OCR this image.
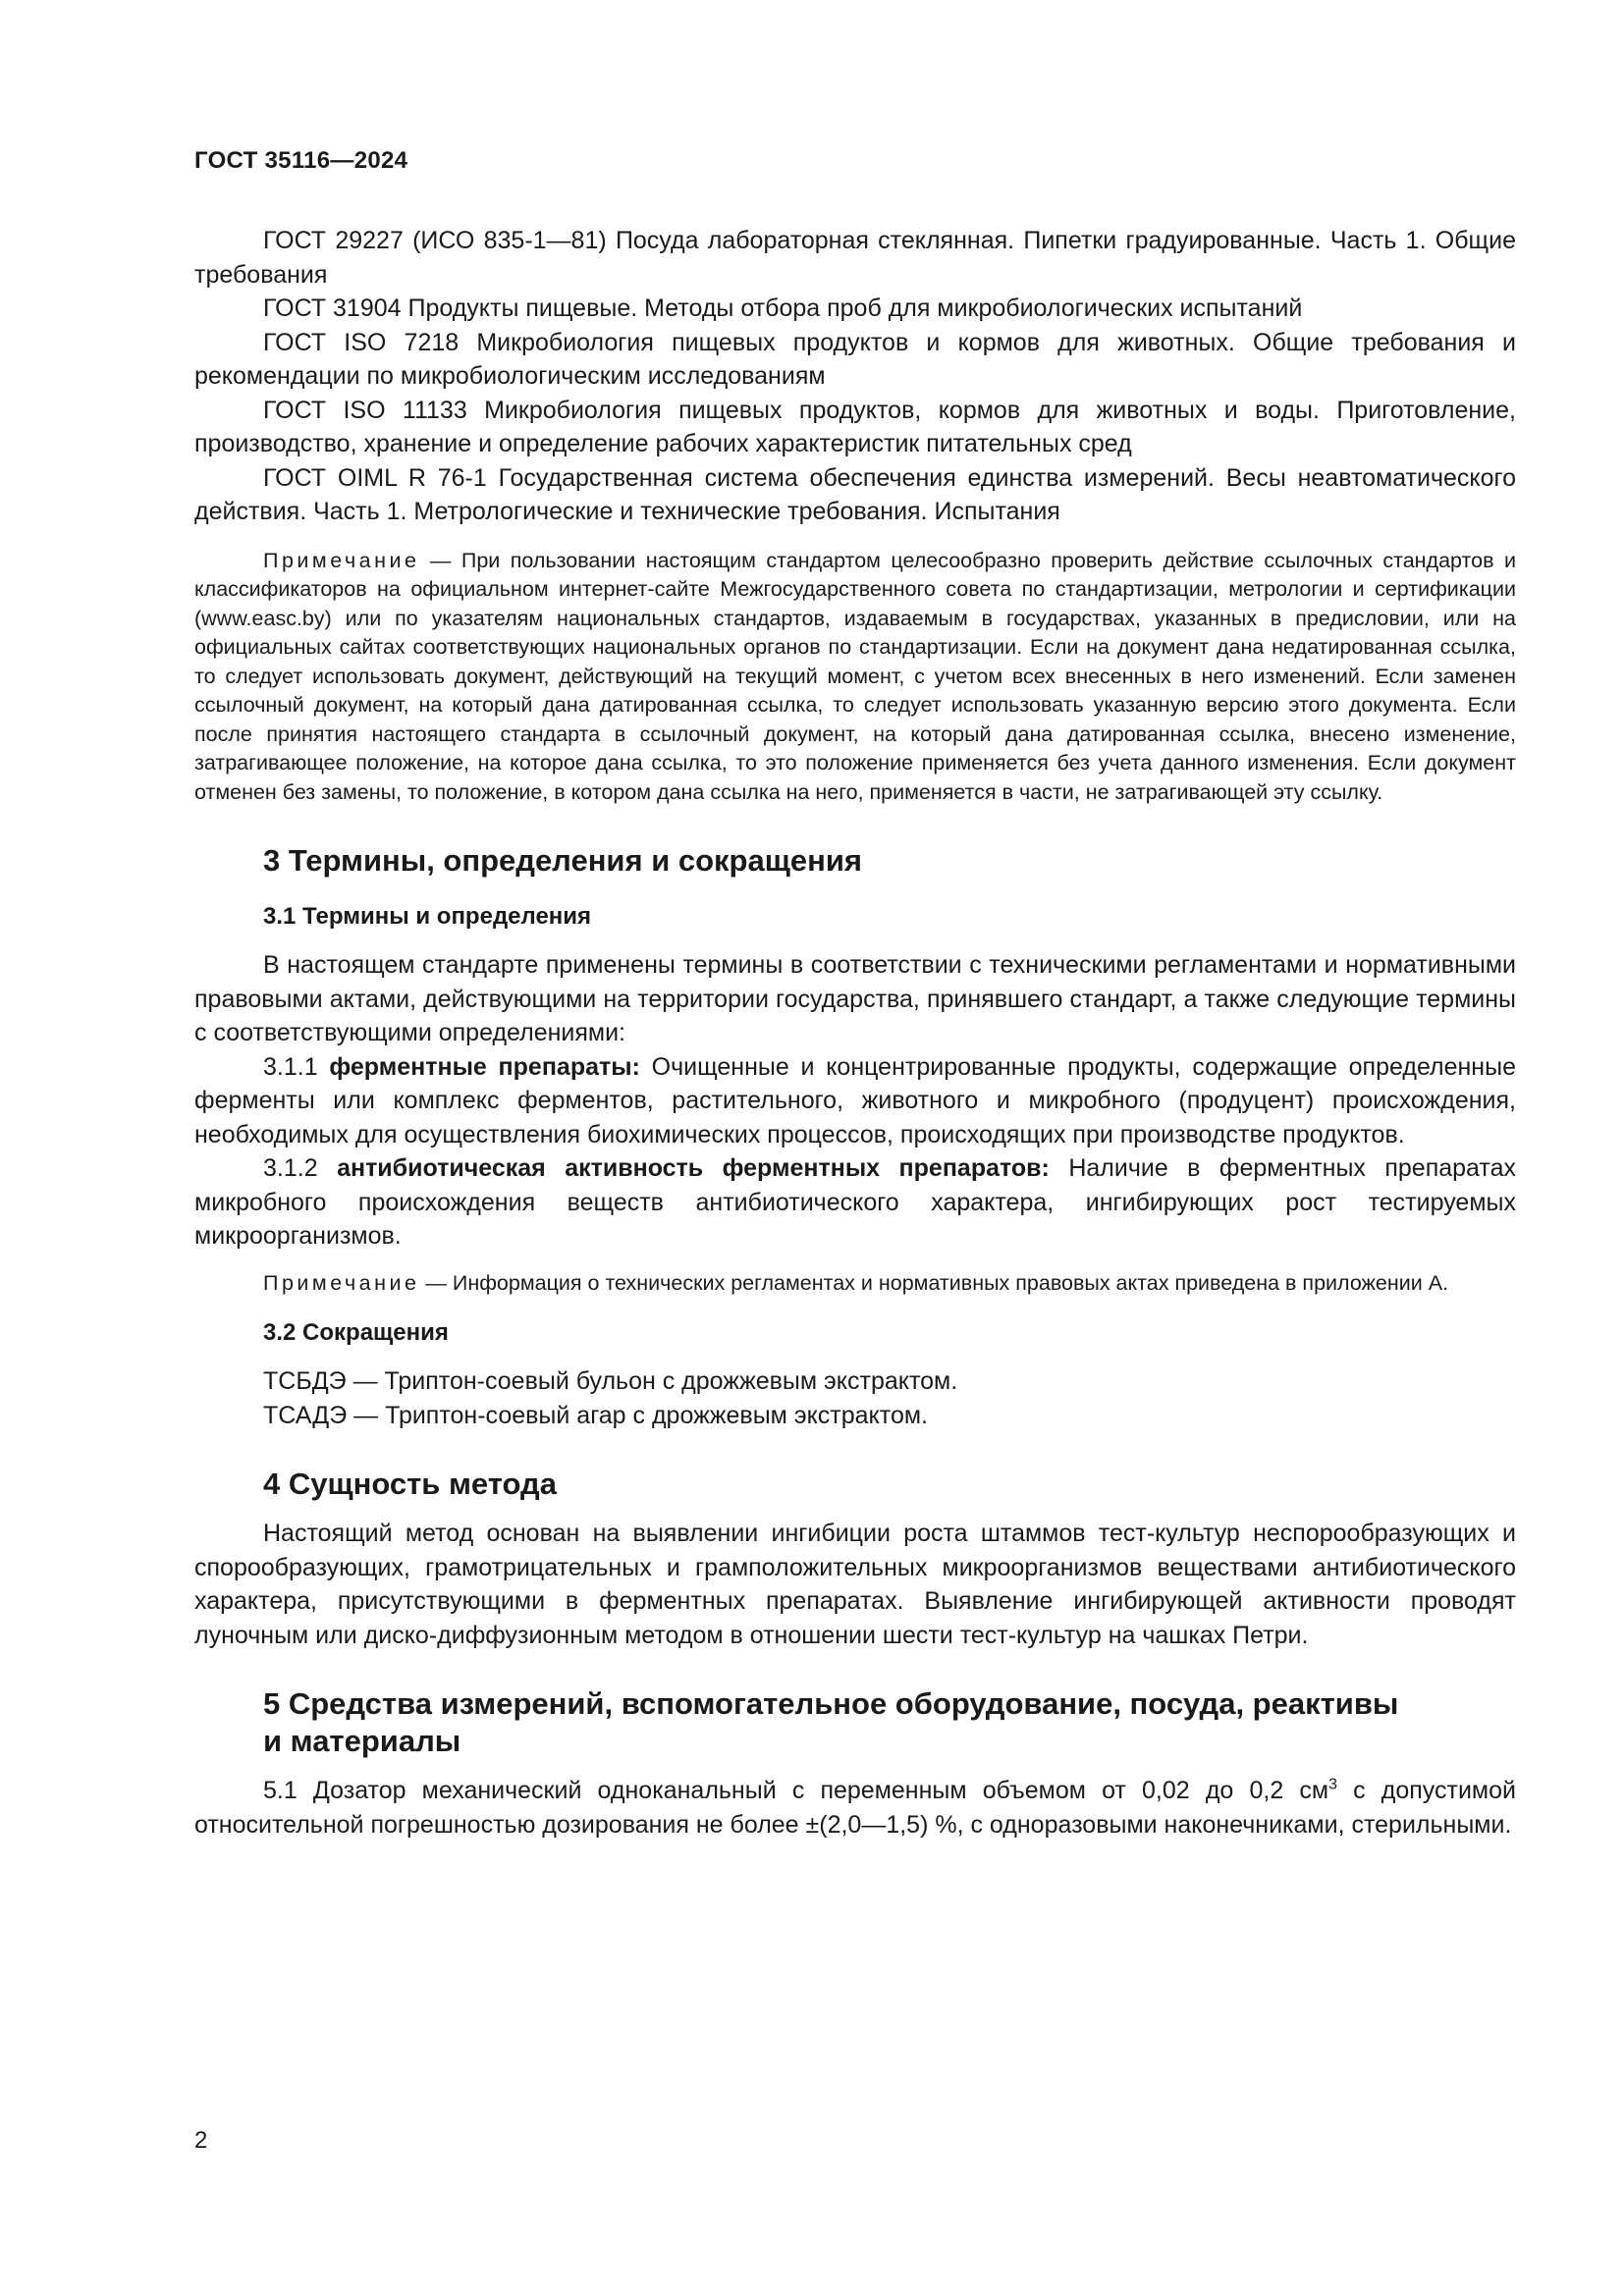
ГОСТ 35116—2024

ГОСТ 29227 (ИСО 835-1—81) Посуда лабораторная стеклянная. Пипетки градуированные. Часть 1. Общие требования

ГОСТ 31904 Продукты пищевые. Методы отбора проб для микробиологических испытаний

ГОСТ ISO 7218 Микробиология пищевых продуктов и кормов для животных. Общие требования и рекомендации по микробиологическим исследованиям

ГОСТ ISO 11133 Микробиология пищевых продуктов, кормов для животных и воды. Приготовление, производство, хранение и определение рабочих характеристик питательных сред

ГОСТ OIML R 76-1 Государственная система обеспечения единства измерений. Весы неавтоматического действия. Часть 1. Метрологические и технические требования. Испытания

Примечание — При пользовании настоящим стандартом целесообразно проверить действие ссылочных стандартов и классификаторов на официальном интернет-сайте Межгосударственного совета по стандартизации, метрологии и сертификации (www.easc.by) или по указателям национальных стандартов, издаваемым в государствах, указанных в предисловии, или на официальных сайтах соответствующих национальных органов по стандартизации. Если на документ дана недатированная ссылка, то следует использовать документ, действующий на текущий момент, с учетом всех внесенных в него изменений. Если заменен ссылочный документ, на который дана датированная ссылка, то следует использовать указанную версию этого документа. Если после принятия настоящего стандарта в ссылочный документ, на который дана датированная ссылка, внесено изменение, затрагивающее положение, на которое дана ссылка, то это положение применяется без учета данного изменения. Если документ отменен без замены, то положение, в котором дана ссылка на него, применяется в части, не затрагивающей эту ссылку.

3 Термины, определения и сокращения
3.1 Термины и определения

В настоящем стандарте применены термины в соответствии с техническими регламентами и нормативными правовыми актами, действующими на территории государства, принявшего стандарт, а также следующие термины с соответствующими определениями:

3.1.1 ферментные препараты: Очищенные и концентрированные продукты, содержащие определенные ферменты или комплекс ферментов, растительного, животного и микробного (продуцент) происхождения, необходимых для осуществления биохимических процессов, происходящих при производстве продуктов.

3.1.2 антибиотическая активность ферментных препаратов: Наличие в ферментных препаратах микробного происхождения веществ антибиотического характера, ингибирующих рост тестируемых микроорганизмов.

Примечание — Информация о технических регламентах и нормативных правовых актах приведена в приложении А.

3.2 Сокращения

ТСБДЭ — Триптон-соевый бульон с дрожжевым экстрактом.

ТСАДЭ — Триптон-соевый агар с дрожжевым экстрактом.

4 Сущность метода

Настоящий метод основан на выявлении ингибиции роста штаммов тест-культур неспорообразующих и спорообразующих, грамотрицательных и грамположительных микроорганизмов веществами антибиотического характера, присутствующими в ферментных препаратах. Выявление ингибирующей активности проводят луночным или диско-диффузионным методом в отношении шести тест-культур на чашках Петри.

5 Средства измерений, вспомогательное оборудование, посуда, реактивы
и материалы

5.1 Дозатор механический одноканальный с переменным объемом от 0,02 до 0,2 $см^3$ с допустимой относительной погрешностью дозирования не более ±(2,0—1,5) %, с одноразовыми наконечниками, стерильными.

2
